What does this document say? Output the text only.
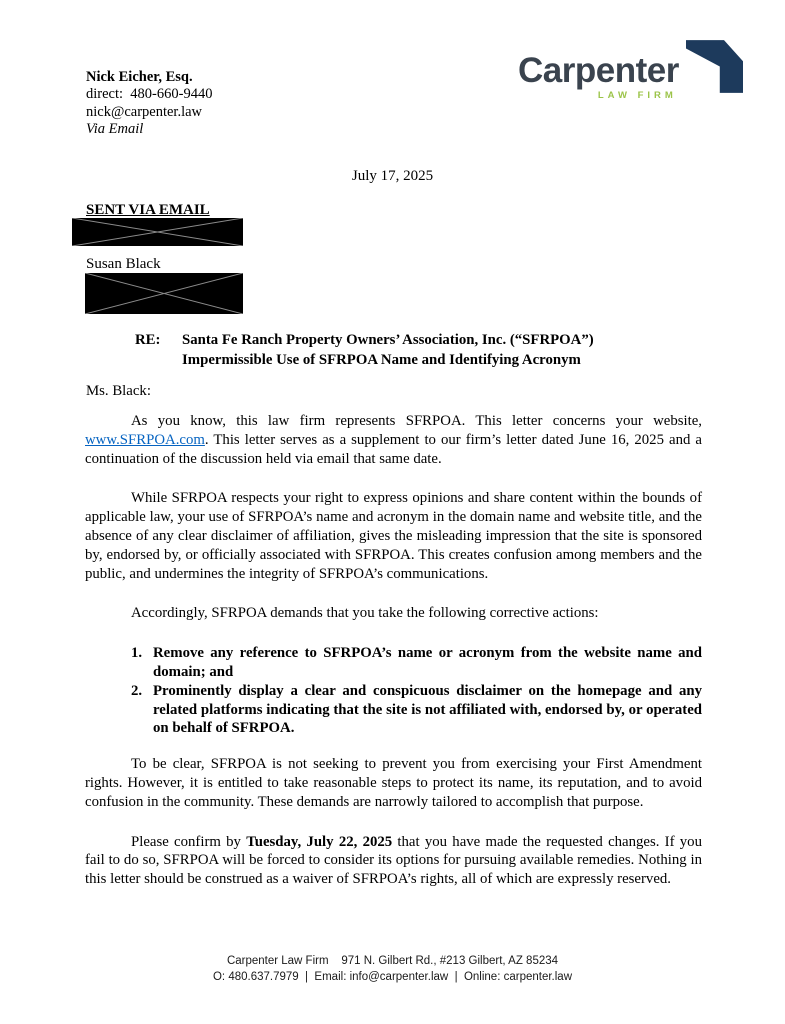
Nick Eicher, Esq.
direct:  480-660-9440
nick@carpenter.law
Via Email
Carpenter
LAW FIRM
July 17, 2025
SENT VIA EMAIL
Susan Black
RE:	Santa Fe Ranch Property Owners’ Association, Inc. (“SFRPOA”)
Impermissible Use of SFRPOA Name and Identifying Acronym
Ms. Black:

As you know, this law firm represents SFRPOA. This letter concerns your website, www.SFRPOA.com. This letter serves as a supplement to our firm’s letter dated June 16, 2025 and a continuation of the discussion held via email that same date.

While SFRPOA respects your right to express opinions and share content within the bounds of applicable law, your use of SFRPOA’s name and acronym in the domain name and website title, and the absence of any clear disclaimer of affiliation, gives the misleading impression that the site is sponsored by, endorsed by, or officially associated with SFRPOA. This creates confusion among members and the public, and undermines the integrity of SFRPOA’s communications.

Accordingly, SFRPOA demands that you take the following corrective actions:

1. Remove any reference to SFRPOA’s name or acronym from the website name and domain; and
2. Prominently display a clear and conspicuous disclaimer on the homepage and any related platforms indicating that the site is not affiliated with, endorsed by, or operated on behalf of SFRPOA.

To be clear, SFRPOA is not seeking to prevent you from exercising your First Amendment rights. However, it is entitled to take reasonable steps to protect its name, its reputation, and to avoid confusion in the community. These demands are narrowly tailored to accomplish that purpose.

Please confirm by Tuesday, July 22, 2025 that you have made the requested changes. If you fail to do so, SFRPOA will be forced to consider its options for pursuing available remedies. Nothing in this letter should be construed as a waiver of SFRPOA’s rights, all of which are expressly reserved.

Carpenter Law Firm    971 N. Gilbert Rd., #213 Gilbert, AZ 85234
O: 480.637.7979  |  Email: info@carpenter.law  |  Online: carpenter.law
